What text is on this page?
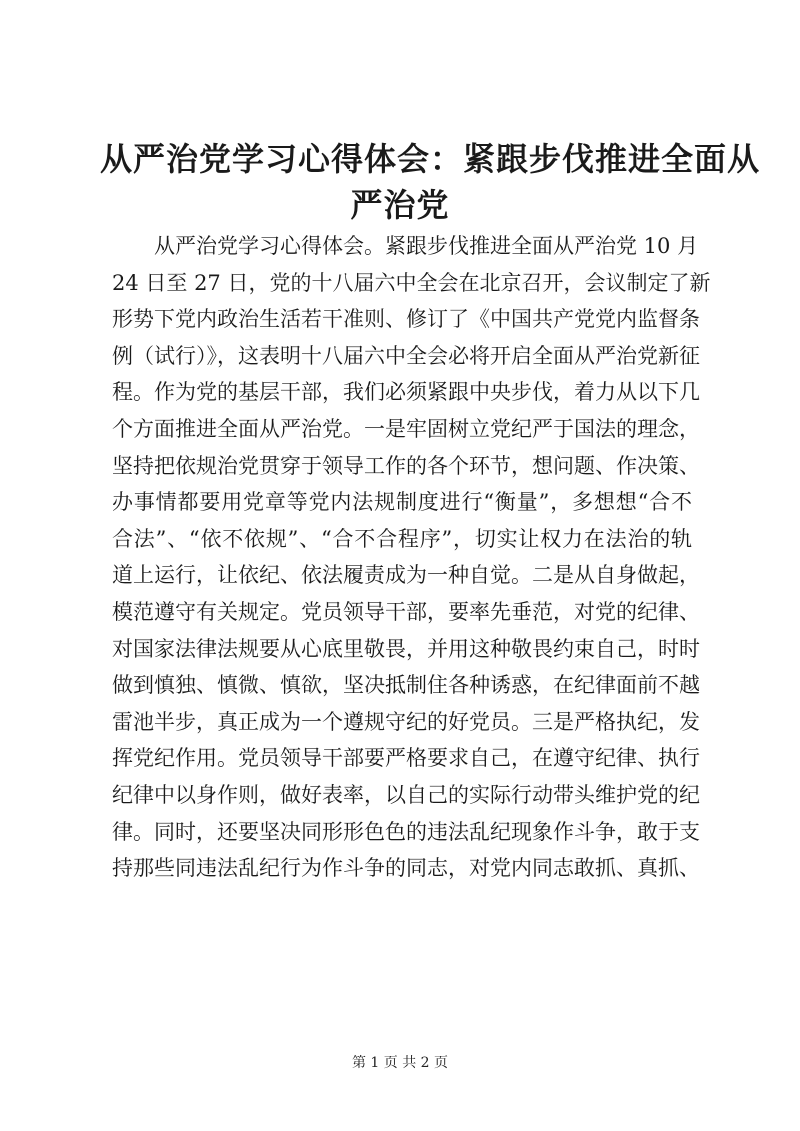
从严治党学习心得体会：紧跟步伐推进全面从
严治党
从严治党学习心得体会。紧跟步伐推进全面从严治党 10 月
24 日至 27 日，党的十八届六中全会在北京召开，会议制定了新
形势下党内政治生活若干准则、修订了《中国共产党党内监督条
例（试行）》，这表明十八届六中全会必将开启全面从严治党新征
程。作为党的基层干部，我们必须紧跟中央步伐，着力从以下几
个方面推进全面从严治党。一是牢固树立党纪严于国法的理念，
坚持把依规治党贯穿于领导工作的各个环节，想问题、作决策、
办事情都要用党章等党内法规制度进行“衡量”，多想想“合不
合法”、“依不依规”、“合不合程序”，切实让权力在法治的轨
道上运行，让依纪、依法履责成为一种自觉。二是从自身做起，
模范遵守有关规定。党员领导干部，要率先垂范，对党的纪律、
对国家法律法规要从心底里敬畏，并用这种敬畏约束自己，时时
做到慎独、慎微、慎欲，坚决抵制住各种诱惑，在纪律面前不越
雷池半步，真正成为一个遵规守纪的好党员。三是严格执纪，发
挥党纪作用。党员领导干部要严格要求自己，在遵守纪律、执行
纪律中以身作则，做好表率，以自己的实际行动带头维护党的纪
律。同时，还要坚决同形形色色的违法乱纪现象作斗争，敢于支
持那些同违法乱纪行为作斗争的同志，对党内同志敢抓、真抓、
第 1 页 共 2 页
